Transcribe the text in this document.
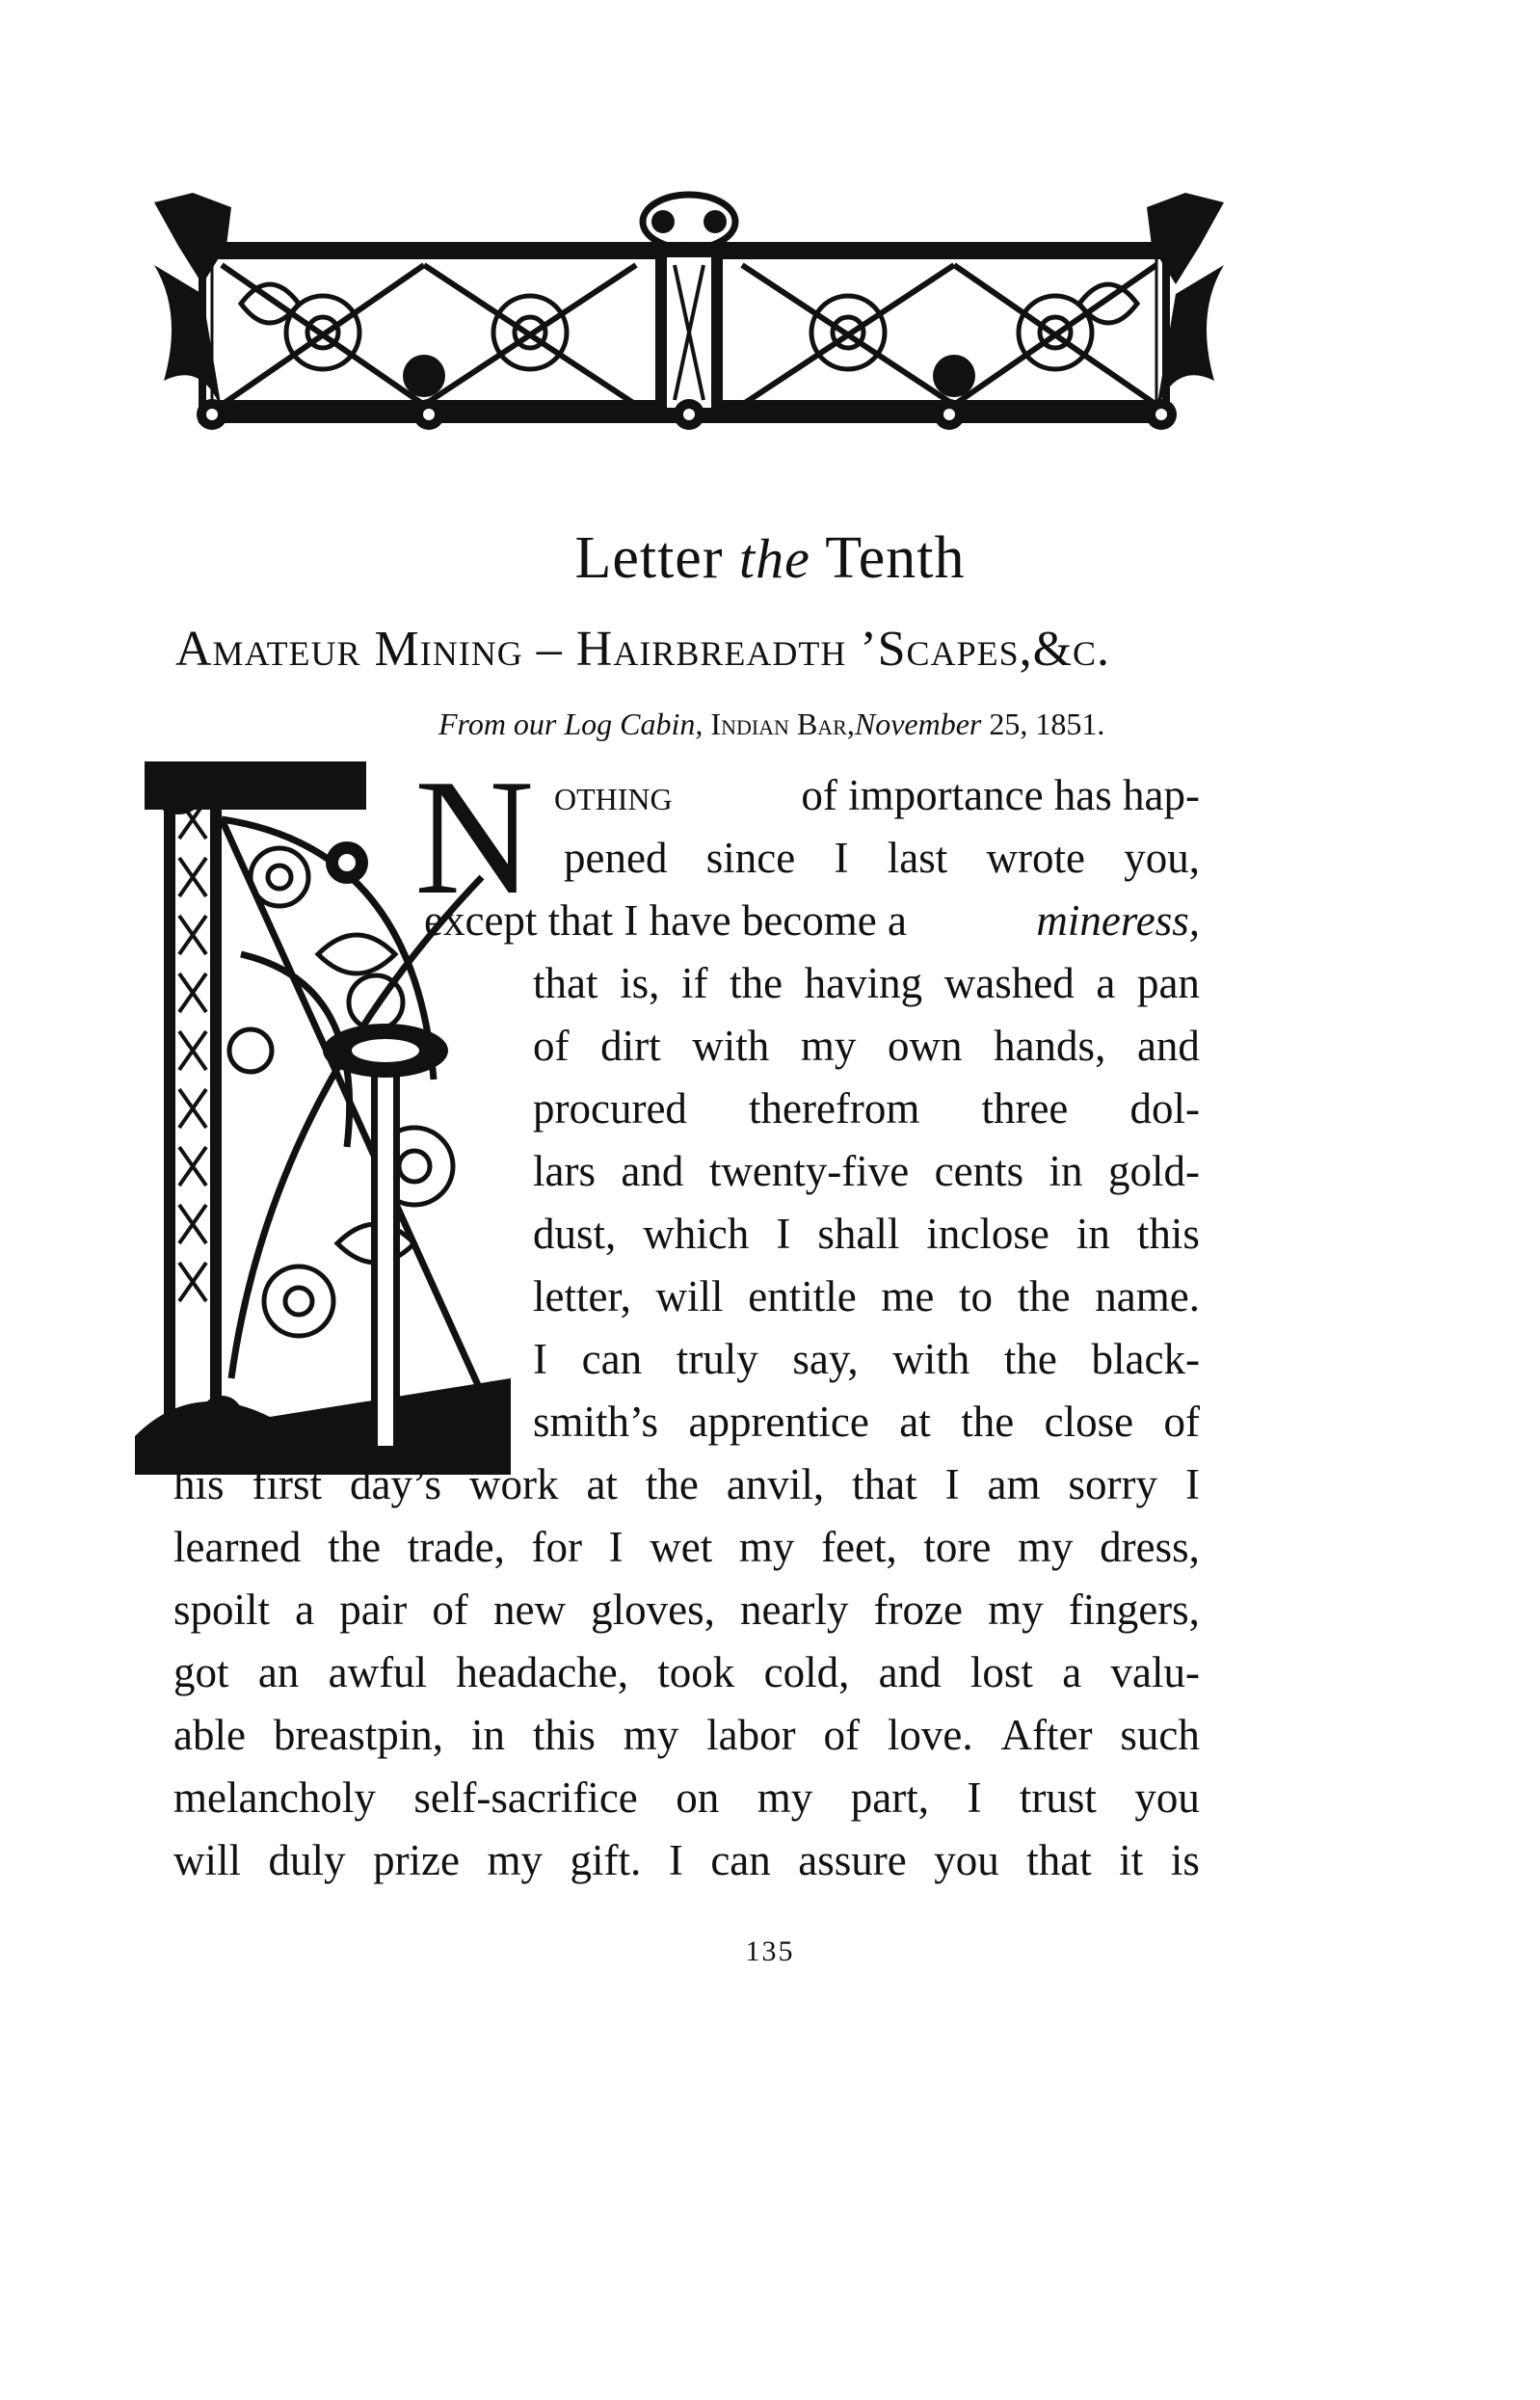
Letter the Tenth
Amateur Mining – Hairbreadth ’Scapes,&c.
From our Log Cabin, Indian Bar,November 25, 1851.
N othing	of importance has hap-
pened since I last wrote you,
except that I have become a	mineress,
that is, if the having washed a pan
of dirt with my own hands, and
procured therefrom three dol-
lars and twenty-five cents in gold-
dust, which I shall inclose in this
letter, will entitle me to the name.
I can truly say, with the black-
smith’s apprentice at the close of
his first day’s work at the anvil, that I am sorry I
learned the trade, for I wet my feet, tore my dress,
spoilt a pair of new gloves, nearly froze my fingers,
got an awful headache, took cold, and lost a valu-
able breastpin, in this my labor of love. After such
melancholy self-sacrifice on my part, I trust you
will duly prize my gift. I can assure you that it is
135
